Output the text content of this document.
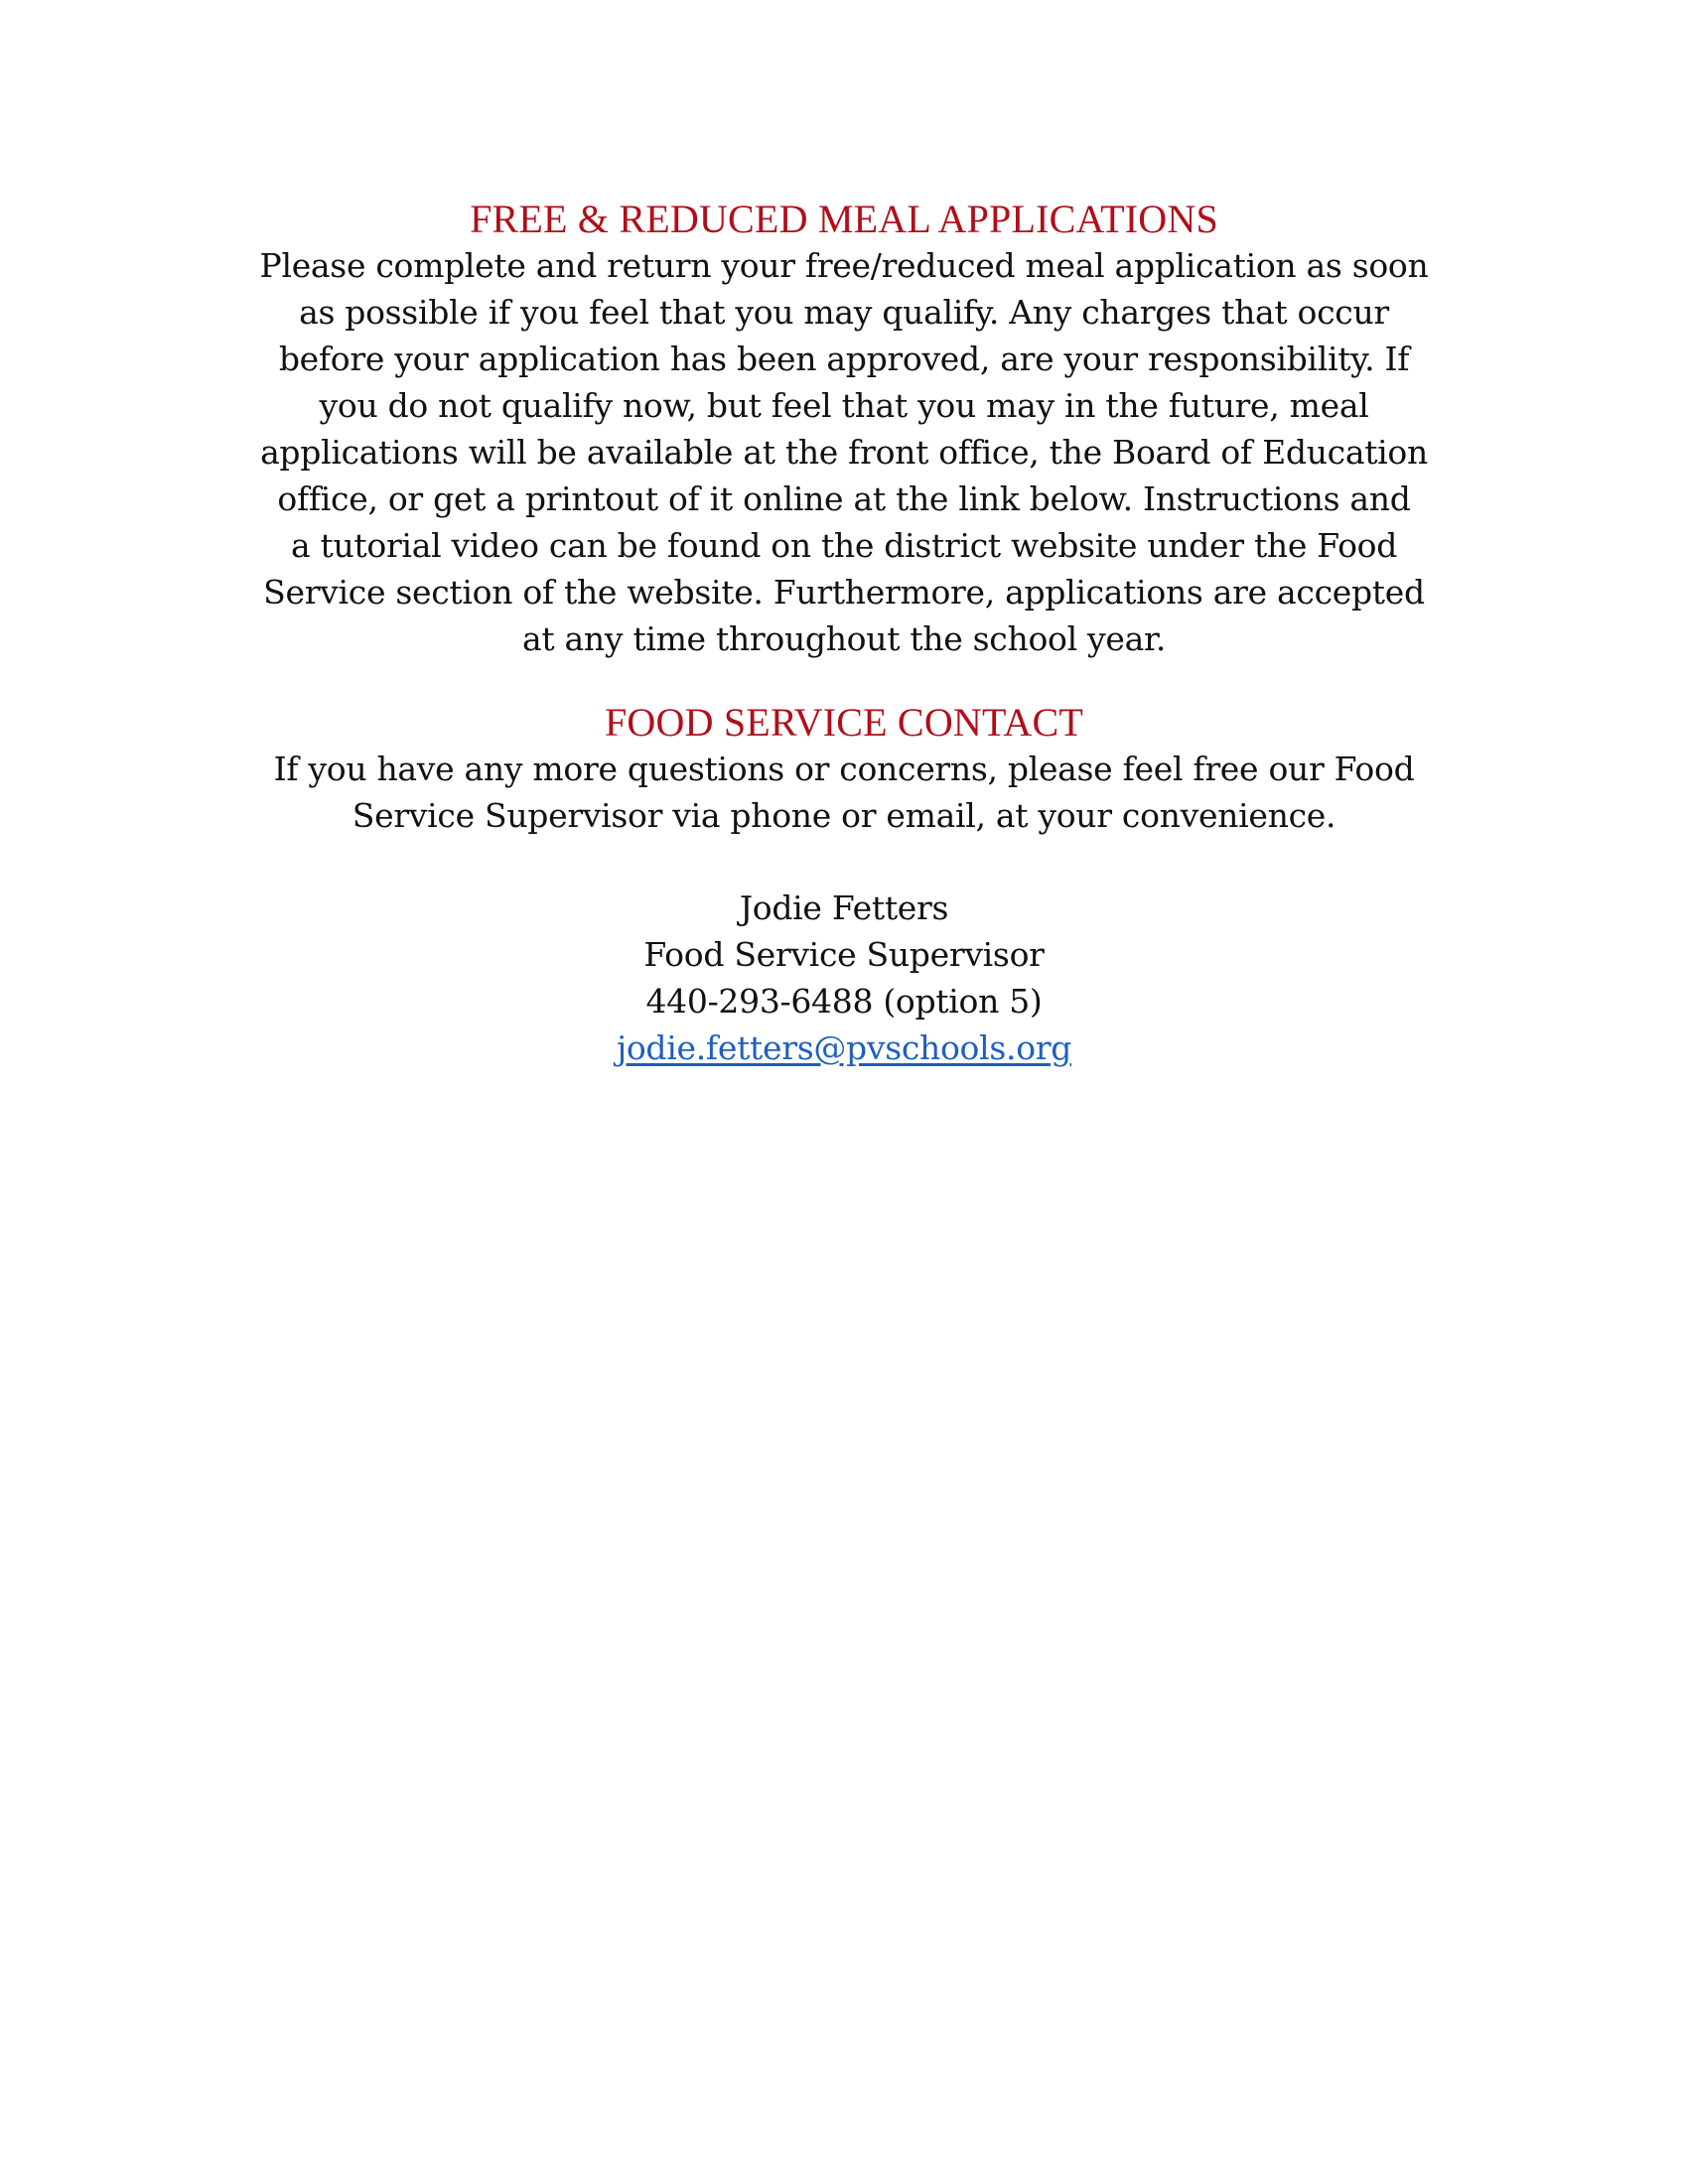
FREE & REDUCED MEAL APPLICATIONS

Please complete and return your free/reduced meal application as soon
as possible if you feel that you may qualify. Any charges that occur
before your application has been approved, are your responsibility. If
you do not qualify now, but feel that you may in the future, meal
applications will be available at the front office, the Board of Education
office, or get a printout of it online at the link below. Instructions and
a tutorial video can be found on the district website under the Food
Service section of the website. Furthermore, applications are accepted
at any time throughout the school year.

FOOD SERVICE CONTACT

If you have any more questions or concerns, please feel free our Food
Service Supervisor via phone or email, at your convenience.

Jodie Fetters
Food Service Supervisor
440-293-6488 (option 5)
jodie.fetters@pvschools.org
